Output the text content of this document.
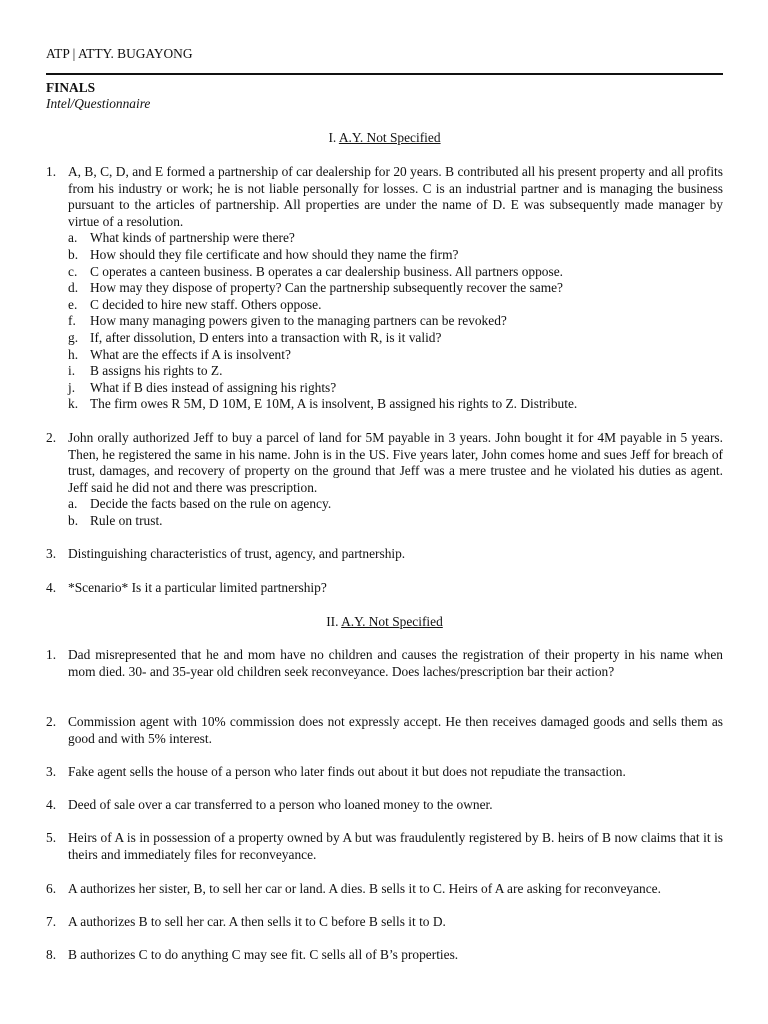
ATP | ATTY. BUGAYONG
FINALS
Intel/Questionnaire
I. A.Y. Not Specified
1. A, B, C, D, and E formed a partnership of car dealership for 20 years. B contributed all his present property and all profits from his industry or work; he is not liable personally for losses. C is an industrial partner and is managing the business pursuant to the articles of partnership. All properties are under the name of D. E was subsequently made manager by virtue of a resolution.
a. What kinds of partnership were there?
b. How should they file certificate and how should they name the firm?
c. C operates a canteen business. B operates a car dealership business. All partners oppose.
d. How may they dispose of property? Can the partnership subsequently recover the same?
e. C decided to hire new staff. Others oppose.
f. How many managing powers given to the managing partners can be revoked?
g. If, after dissolution, D enters into a transaction with R, is it valid?
h. What are the effects if A is insolvent?
i. B assigns his rights to Z.
j. What if B dies instead of assigning his rights?
k. The firm owes R 5M, D 10M, E 10M, A is insolvent, B assigned his rights to Z. Distribute.
2. John orally authorized Jeff to buy a parcel of land for 5M payable in 3 years. John bought it for 4M payable in 5 years. Then, he registered the same in his name. John is in the US. Five years later, John comes home and sues Jeff for breach of trust, damages, and recovery of property on the ground that Jeff was a mere trustee and he violated his duties as agent. Jeff said he did not and there was prescription.
a. Decide the facts based on the rule on agency.
b. Rule on trust.
3. Distinguishing characteristics of trust, agency, and partnership.
4. *Scenario* Is it a particular limited partnership?
II. A.Y. Not Specified
1. Dad misrepresented that he and mom have no children and causes the registration of their property in his name when mom died. 30- and 35-year old children seek reconveyance. Does laches/prescription bar their action?
2. Commission agent with 10% commission does not expressly accept. He then receives damaged goods and sells them as good and with 5% interest.
3. Fake agent sells the house of a person who later finds out about it but does not repudiate the transaction.
4. Deed of sale over a car transferred to a person who loaned money to the owner.
5. Heirs of A is in possession of a property owned by A but was fraudulently registered by B. heirs of B now claims that it is theirs and immediately files for reconveyance.
6. A authorizes her sister, B, to sell her car or land. A dies. B sells it to C. Heirs of A are asking for reconveyance.
7. A authorizes B to sell her car. A then sells it to C before B sells it to D.
8. B authorizes C to do anything C may see fit. C sells all of B’s properties.
